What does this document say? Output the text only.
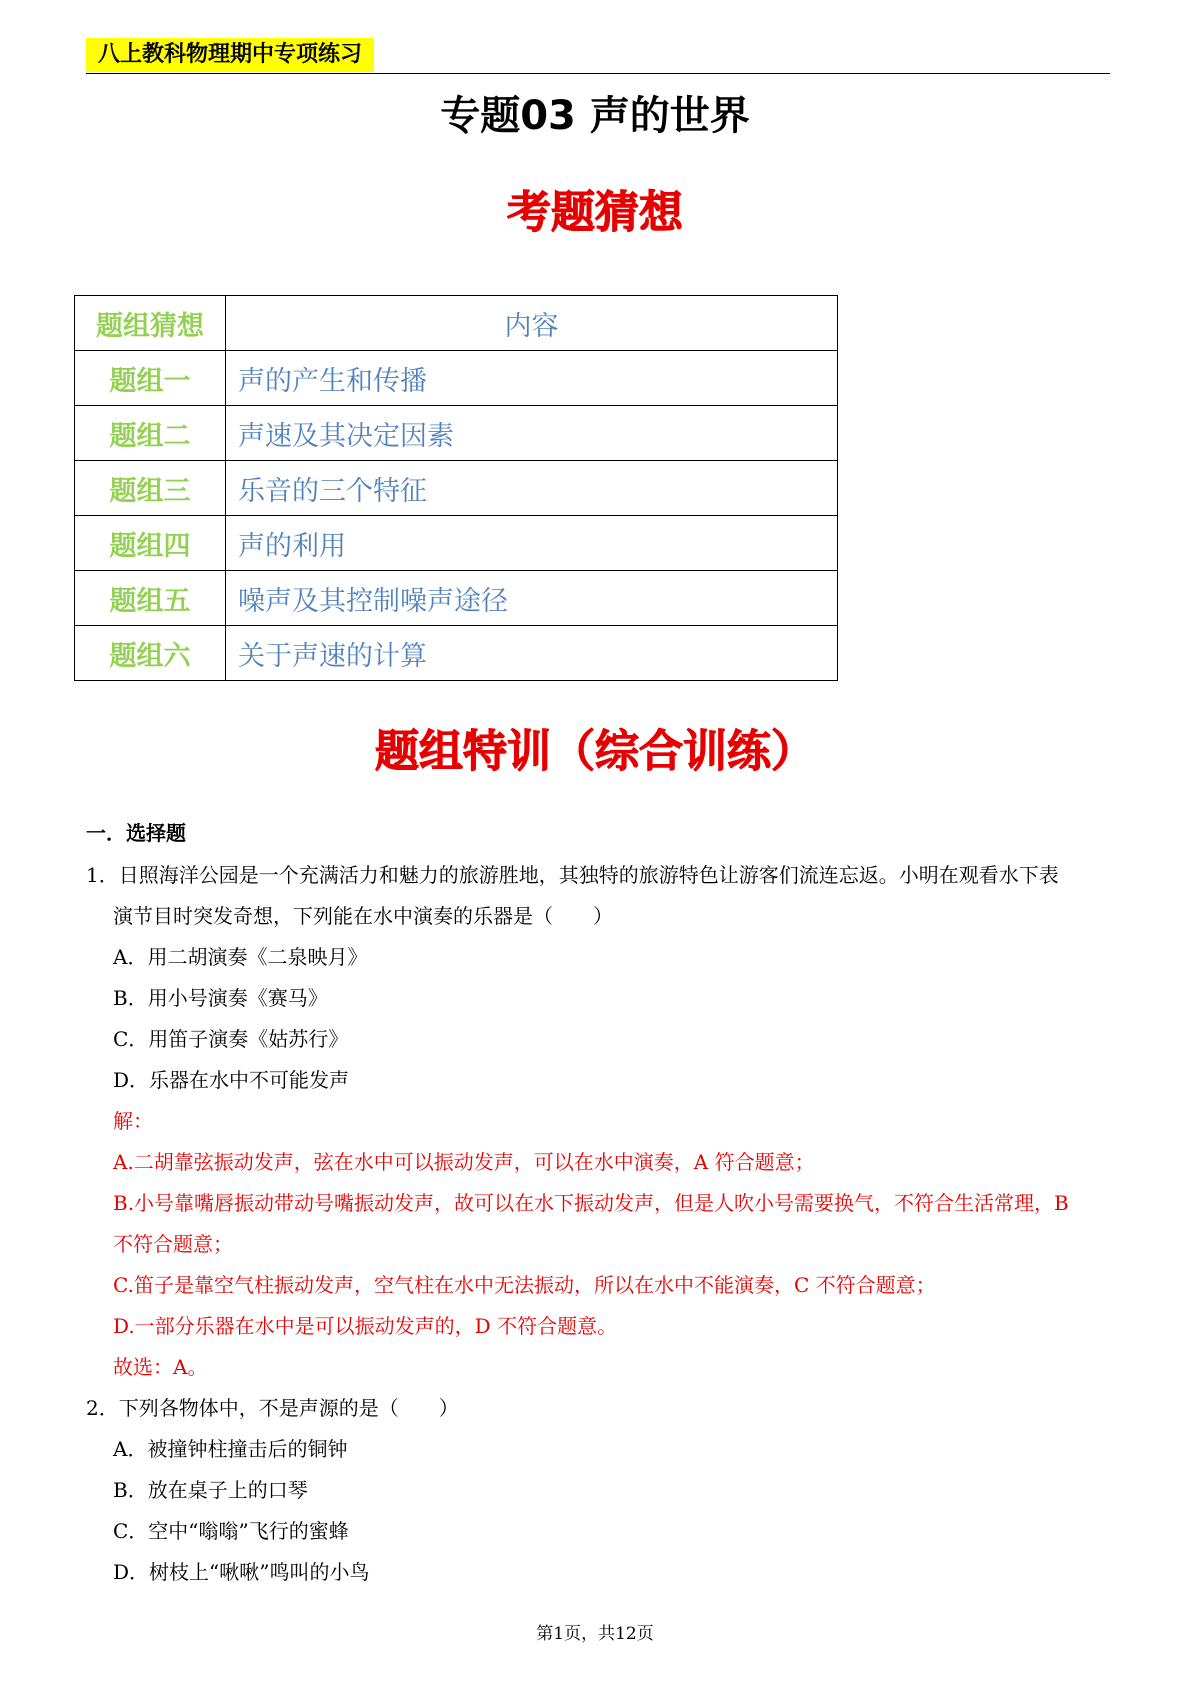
八上教科物理期中专项练习
专题03 声的世界
考题猜想
题组猜想	内容
题组一	声的产生和传播
题组二	声速及其决定因素
题组三	乐音的三个特征
题组四	声的利用
题组五	噪声及其控制噪声途径
题组六	关于声速的计算
题组特训（综合训练）
一．选择题
1．日照海洋公园是一个充满活力和魅力的旅游胜地，其独特的旅游特色让游客们流连忘返。小明在观看水下表
演节目时突发奇想，下列能在水中演奏的乐器是（　　）
A．用二胡演奏《二泉映月》
B．用小号演奏《赛马》
C．用笛子演奏《姑苏行》
D．乐器在水中不可能发声
解：
A.二胡靠弦振动发声，弦在水中可以振动发声，可以在水中演奏，A 符合题意；
B.小号靠嘴唇振动带动号嘴振动发声，故可以在水下振动发声，但是人吹小号需要换气，不符合生活常理，B
不符合题意；
C.笛子是靠空气柱振动发声，空气柱在水中无法振动，所以在水中不能演奏，C 不符合题意；
D.一部分乐器在水中是可以振动发声的，D 不符合题意。
故选：A。
2．下列各物体中，不是声源的是（　　）
A．被撞钟柱撞击后的铜钟
B．放在桌子上的口琴
C．空中“嗡嗡”飞行的蜜蜂
D．树枝上“啾啾”鸣叫的小鸟
第1页，共12页
